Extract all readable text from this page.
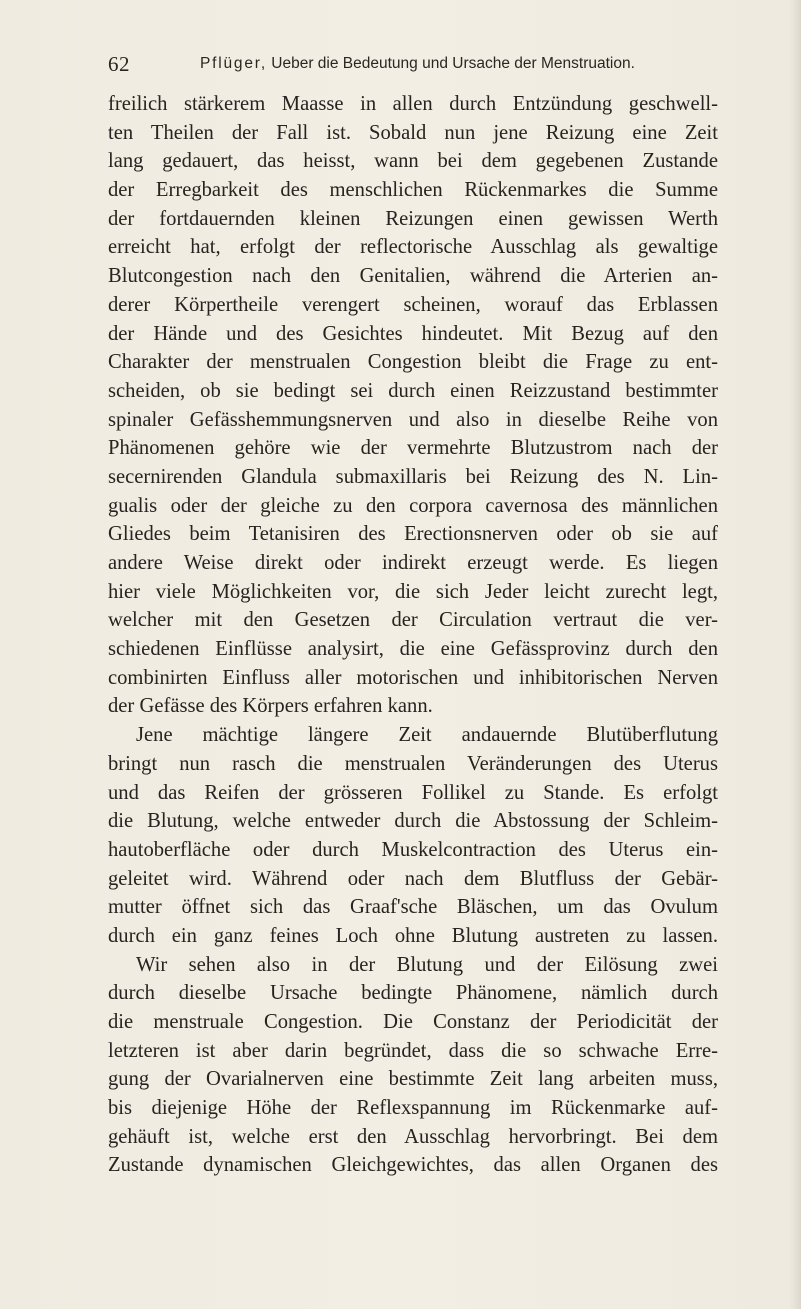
62	Pflüger, Ueber die Bedeutung und Ursache der Menstruation.
freilich stärkerem Maasse in allen durch Entzündung geschwell-
ten Theilen der Fall ist. Sobald nun jene Reizung eine Zeit
lang gedauert, das heisst, wann bei dem gegebenen Zustande
der Erregbarkeit des menschlichen Rückenmarkes die Summe
der fortdauernden kleinen Reizungen einen gewissen Werth
erreicht hat, erfolgt der reflectorische Ausschlag als gewaltige
Blutcongestion nach den Genitalien, während die Arterien an-
derer Körpertheile verengert scheinen, worauf das Erblassen
der Hände und des Gesichtes hindeutet. Mit Bezug auf den
Charakter der menstrualen Congestion bleibt die Frage zu ent-
scheiden, ob sie bedingt sei durch einen Reizzustand bestimmter
spinaler Gefässhemmungsnerven und also in dieselbe Reihe von
Phänomenen gehöre wie der vermehrte Blutzustrom nach der
secernirenden Glandula submaxillaris bei Reizung des N. Lin-
gualis oder der gleiche zu den corpora cavernosa des männlichen
Gliedes beim Tetanisiren des Erectionsnerven oder ob sie auf
andere Weise direkt oder indirekt erzeugt werde. Es liegen
hier viele Möglichkeiten vor, die sich Jeder leicht zurecht legt,
welcher mit den Gesetzen der Circulation vertraut die ver-
schiedenen Einflüsse analysirt, die eine Gefässprovinz durch den
combinirten Einfluss aller motorischen und inhibitorischen Nerven
der Gefässe des Körpers erfahren kann.
Jene mächtige längere Zeit andauernde Blutüberflutung
bringt nun rasch die menstrualen Veränderungen des Uterus
und das Reifen der grösseren Follikel zu Stande. Es erfolgt
die Blutung, welche entweder durch die Abstossung der Schleim-
hautoberfläche oder durch Muskelcontraction des Uterus ein-
geleitet wird. Während oder nach dem Blutfluss der Gebär-
mutter öffnet sich das Graaf'sche Bläschen, um das Ovulum
durch ein ganz feines Loch ohne Blutung austreten zu lassen.
Wir sehen also in der Blutung und der Eilösung zwei
durch dieselbe Ursache bedingte Phänomene, nämlich durch
die menstruale Congestion. Die Constanz der Periodicität der
letzteren ist aber darin begründet, dass die so schwache Erre-
gung der Ovarialnerven eine bestimmte Zeit lang arbeiten muss,
bis diejenige Höhe der Reflexspannung im Rückenmarke auf-
gehäuft ist, welche erst den Ausschlag hervorbringt. Bei dem
Zustande dynamischen Gleichgewichtes, das allen Organen des
